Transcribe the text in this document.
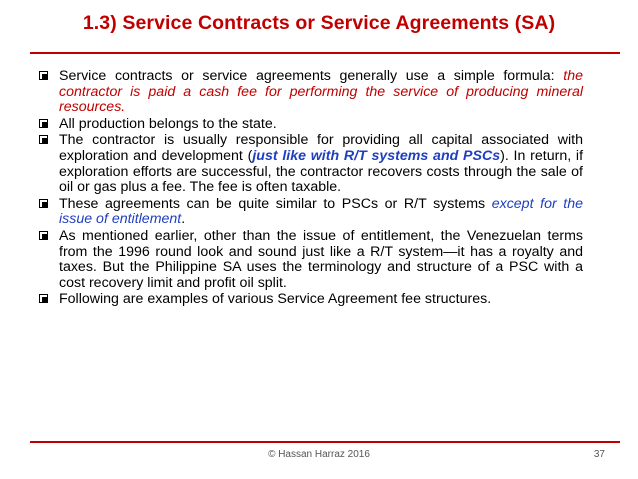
1.3) Service Contracts or Service Agreements (SA)
Service contracts or service agreements generally use a simple formula: the contractor is paid a cash fee for performing the service of producing mineral resources.
All production belongs to the state.
The contractor is usually responsible for providing all capital associated with exploration and development (just like with R/T systems and PSCs). In return, if exploration efforts are successful, the contractor recovers costs through the sale of oil or gas plus a fee. The fee is often taxable.
These agreements can be quite similar to PSCs or R/T systems except for the issue of entitlement.
As mentioned earlier, other than the issue of entitlement, the Venezuelan terms from the 1996 round look and sound just like a R/T system—it has a royalty and taxes. But the Philippine SA uses the terminology and structure of a PSC with a cost recovery limit and profit oil split.
Following are examples of various Service Agreement fee structures.
© Hassan Harraz 2016	37
